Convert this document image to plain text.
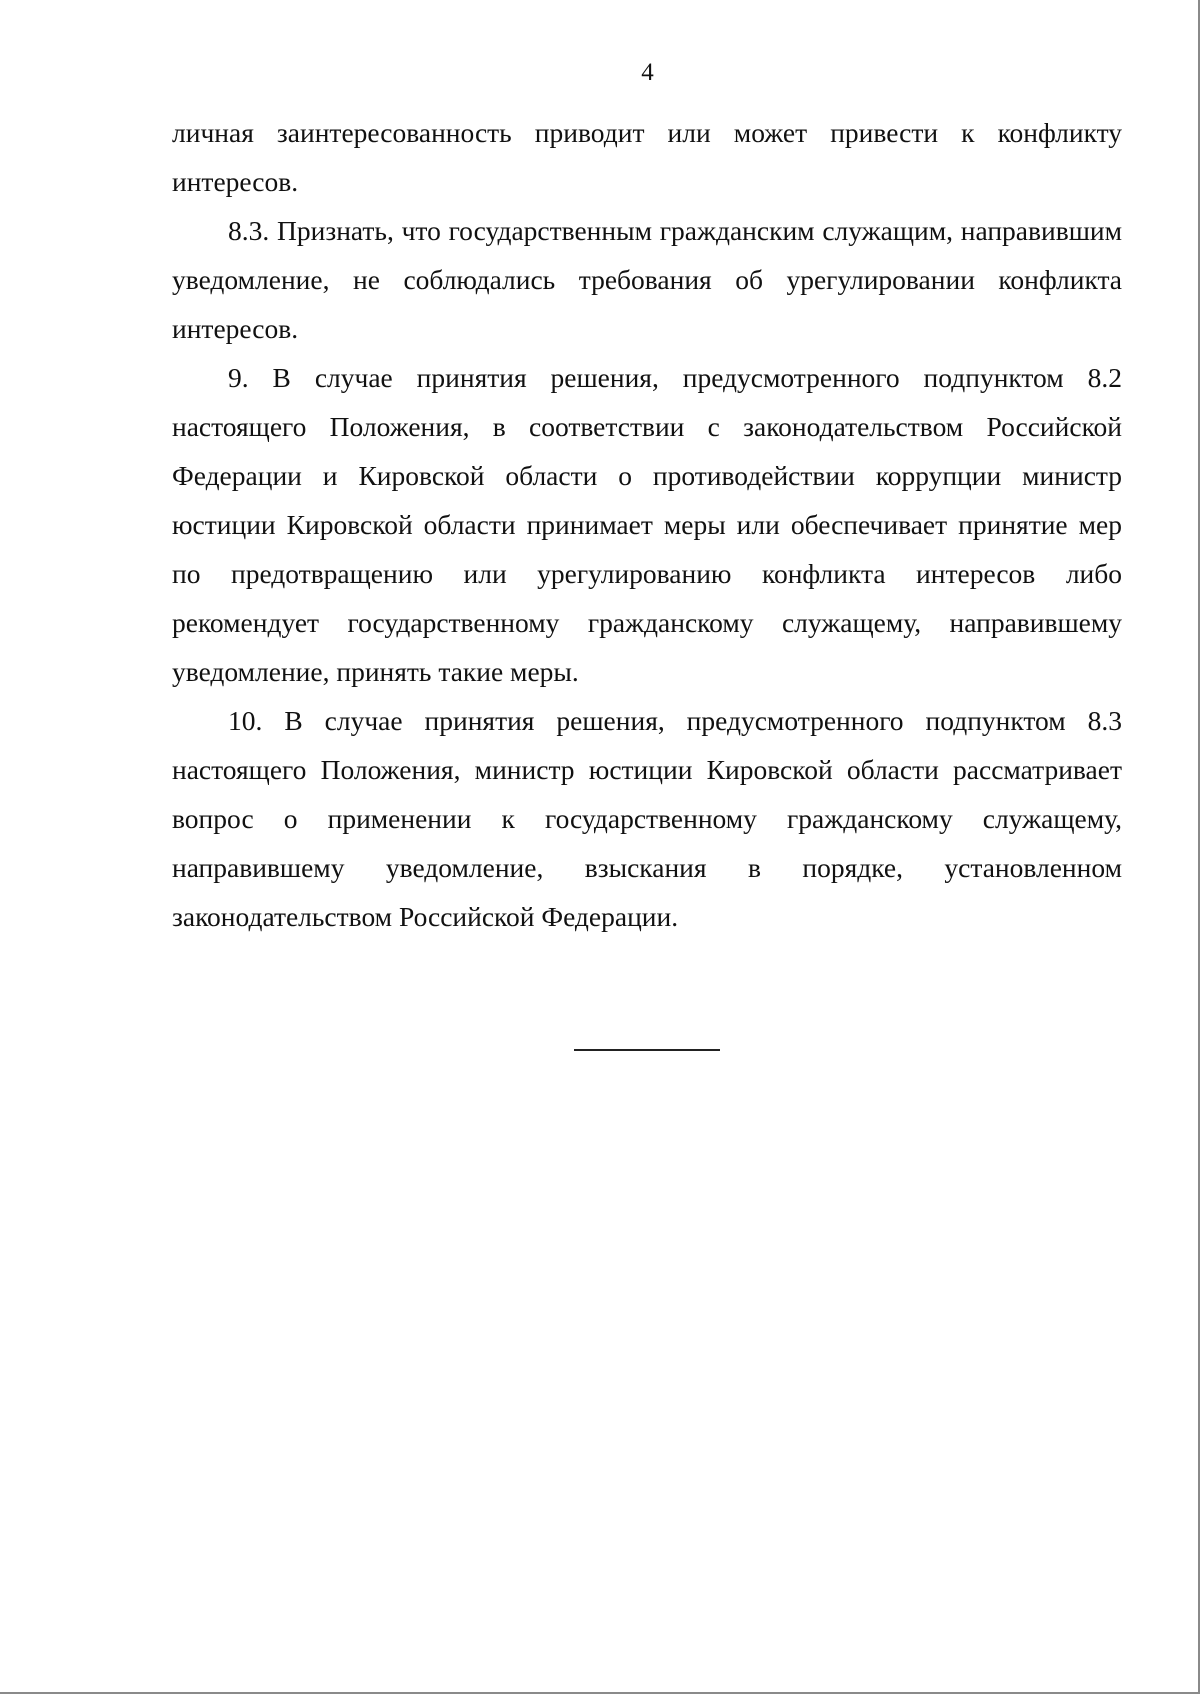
4

личная заинтересованность приводит или может привести к конфликту интересов.

8.3. Признать, что государственным гражданским служащим, направившим уведомление, не соблюдались требования об урегулировании конфликта интересов.

9. В случае принятия решения, предусмотренного подпунктом 8.2 настоящего Положения, в соответствии с законодательством Российской Федерации и Кировской области о противодействии коррупции министр юстиции Кировской области принимает меры или обеспечивает принятие мер по предотвращению или урегулированию конфликта интересов либо рекомендует государственному гражданскому служащему, направившему уведомление, принять такие меры.

10. В случае принятия решения, предусмотренного подпунктом 8.3 настоящего Положения, министр юстиции Кировской области рассматривает вопрос о применении к государственному гражданскому служащему, направившему уведомление, взыскания в порядке, установленном законодательством Российской Федерации.
